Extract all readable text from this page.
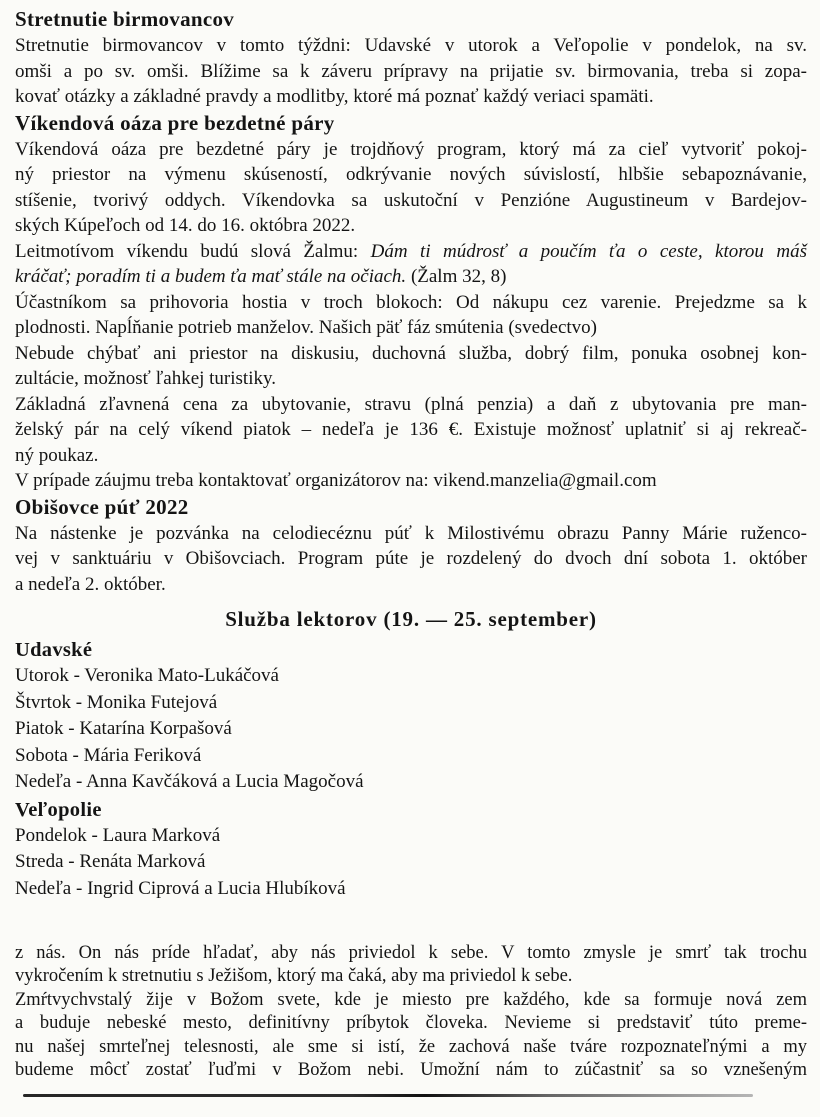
Stretnutie birmovancov
Stretnutie birmovancov v tomto týždni: Udavské v utorok a Veľopolie v pondelok, na sv.
omši a po sv. omši. Blížime sa k záveru prípravy na prijatie sv. birmovania, treba si zopa-
kovať otázky a základné pravdy a modlitby, ktoré má poznať každý veriaci spamäti.
Víkendová oáza pre bezdetné páry
Víkendová oáza pre bezdetné páry je trojdňový program, ktorý má za cieľ vytvoriť pokoj-
ný priestor na výmenu skúseností, odkrývanie nových súvislostí, hlbšie sebapoznávanie,
stíšenie, tvorivý oddych. Víkendovka sa uskutoční v Penzióne Augustineum v Bardejov-
ských Kúpeľoch od 14. do 16. októbra 2022.
Leitmotívom víkendu budú slová Žalmu: Dám ti múdrosť a poučím ťa o ceste, ktorou máš
kráčať; poradím ti a budem ťa mať stále na očiach. (Žalm 32, 8)
Účastníkom sa prihovoria hostia v troch blokoch: Od nákupu cez varenie. Prejedzme sa k
plodnosti. Napĺňanie potrieb manželov. Našich päť fáz smútenia (svedectvo)
Nebude chýbať ani priestor na diskusiu, duchovná služba, dobrý film, ponuka osobnej kon-
zultácie, možnosť ľahkej turistiky.
Základná zľavnená cena za ubytovanie, stravu (plná penzia) a daň z ubytovania pre man-
želský pár na celý víkend piatok – nedeľa je 136 €. Existuje možnosť uplatniť si aj rekreač-
ný poukaz.
V prípade záujmu treba kontaktovať organizátorov na: vikend.manzelia@gmail.com
Obišovce púť 2022
Na nástenke je pozvánka na celodiecéznu púť k Milostivému obrazu Panny Márie ruženco-
vej v sanktuáriu v Obišovciach. Program púte je rozdelený do dvoch dní sobota 1. október
a nedeľa 2. október.
Služba lektorov (19. — 25. september)
Udavské
Utorok - Veronika Mato-Lukáčová
Štvrtok - Monika Futejová
Piatok - Katarína Korpašová
Sobota - Mária Feriková
Nedeľa - Anna Kavčáková a Lucia Magočová
Veľopolie
Pondelok - Laura Marková
Streda - Renáta Marková
Nedeľa - Ingrid Ciprová a Lucia Hlubíková
z nás. On nás príde hľadať, aby nás priviedol k sebe. V tomto zmysle je smrť tak trochu
vykročením k stretnutiu s Ježišom, ktorý ma čaká, aby ma priviedol k sebe.
Zmŕtvychvstalý žije v Božom svete, kde je miesto pre každého, kde sa formuje nová zem
a buduje nebeské mesto, definitívny príbytok človeka. Nevieme si predstaviť túto preme-
nu našej smrteľnej telesnosti, ale sme si istí, že zachová naše tváre rozpoznateľnými a my
budeme môcť zostať ľuďmi v Božom nebi. Umožní nám to zúčastniť sa so vznešeným
